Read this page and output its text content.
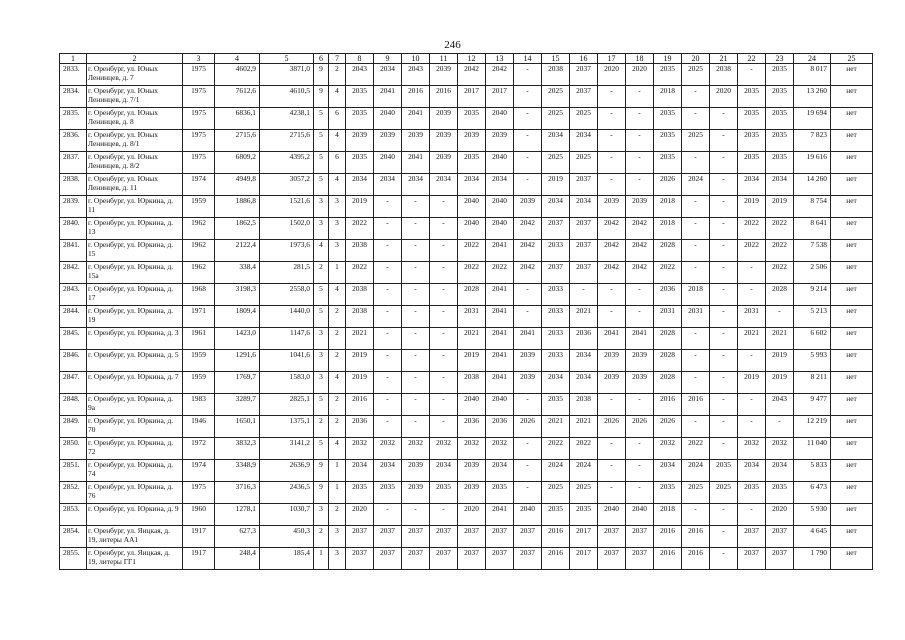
246
1	2	3	4	5	6	7	8	9	10	11	12	13	14	15	16	17	18	19	20	21	22	23	24	25
2833.	г. Оренбург, ул. Юных Ленинцев, д. 7	1975	4602,9	3871,0	9	2	2043	2034	2043	2039	2042	2042	-	2038	2037	2020	2020	2035	2025	2038	-	2035	8 017	нет
2834.	г. Оренбург, ул. Юных Ленинцев, д. 7/1	1975	7612,6	4610,5	9	4	2035	2041	2016	2016	2017	2017	-	2025	2037	-	-	2018	-	2020	2035	2035	13 260	нет
2835.	г. Оренбург, ул. Юных Ленинцев, д. 8	1975	6836,1	4238,1	5	6	2035	2040	2041	2039	2035	2040	-	2025	2025	-	-	2035	-	-	2035	2035	19 694	нет
2836.	г. Оренбург, ул. Юных Ленинцев, д. 8/1	1975	2715,6	2715,6	5	4	2039	2039	2039	2039	2039	2039	-	2034	2034	-	-	2035	2025	-	2035	2035	7 823	нет
2837.	г. Оренбург, ул. Юных Ленинцев, д. 8/2	1975	6809,2	4395,2	5	6	2035	2040	2041	2039	2035	2040	-	2025	2025	-	-	2035	-	-	2035	2035	19 616	нет
2838.	г. Оренбург, ул. Юных Ленинцев, д. 11	1974	4949,8	3057,2	5	4	2034	2034	2034	2034	2034	2034	-	2019	2037	-	-	2026	2024	-	2034	2034	14 260	нет
2839.	г. Оренбург, ул. Юркина, д. 11	1959	1886,8	1521,6	3	3	2019	-	-	-	2040	2040	2039	2034	2034	2039	2039	2018	-	-	2019	2019	8 754	нет
2840.	г. Оренбург, ул. Юркина, д. 13	1962	1862,5	1502,0	3	3	2022	-	-	-	2040	2040	2042	2037	2037	2042	2042	2018	-	-	2022	2022	8 641	нет
2841.	г. Оренбург, ул. Юркина, д. 15	1962	2122,4	1973,6	4	3	2038	-	-	-	2022	2041	2042	2033	2037	2042	2042	2028	-	-	2022	2022	7 538	нет
2842.	г. Оренбург, ул. Юркина, д. 15а	1962	338,4	281,5	2	1	2022	-	-	-	2022	2022	2042	2037	2037	2042	2042	2022	-	-	-	2022	2 506	нет
2843.	г. Оренбург, ул. Юркина, д. 17	1968	3198,3	2558,0	5	4	2038	-	-	-	2028	2041	-	2033	-	-	-	2036	2018	-	-	2028	9 214	нет
2844.	г. Оренбург, ул. Юркина, д. 19	1971	1809,4	1440,0	5	2	2038	-	-	-	2031	2041	-	2033	2021	-	-	2031	2031	-	2031	-	5 213	нет
2845.	г. Оренбург, ул. Юркина, д. 3	1961	1423,0	1147,6	3	2	2021	-	-	-	2021	2041	2041	2033	2036	2041	2041	2028	-	-	2021	2021	6 602	нет
2846.	г. Оренбург, ул. Юркина, д. 5	1959	1291,6	1041,6	3	2	2019	-	-	-	2019	2041	2039	2033	2034	2039	2039	2028	-	-	-	2019	5 993	нет
2847.	г. Оренбург, ул. Юркина, д. 7	1959	1769,7	1583,0	3	4	2019	-	-	-	2038	2041	2039	2034	2034	2039	2039	2028	-	-	2019	2019	8 211	нет
2848.	г. Оренбург, ул. Юркина, д. 9а	1983	3289,7	2825,1	5	2	2016	-	-	-	2040	2040	-	2035	2038	-	-	2016	2016	-	-	2043	9 477	нет
2849.	г. Оренбург, ул. Юркина, д. 70	1946	1650,1	1375,1	2	2	2036	-	-	-	2036	2036	2026	2021	2021	2026	2026	2026	-	-	-	-	12 219	нет
2850.	г. Оренбург, ул. Юркина, д. 72	1972	3832,3	3141,2	5	4	2032	2032	2032	2032	2032	2032	-	2022	2022	-	-	2032	2022	-	2032	2032	11 040	нет
2851.	г. Оренбург, ул. Юркина, д. 74	1974	3348,9	2636,9	9	1	2034	2034	2039	2034	2039	2034	-	2024	2024	-	-	2034	2024	2035	2034	2034	5 833	нет
2852.	г. Оренбург, ул. Юркина, д. 76	1975	3716,3	2436,5	9	1	2035	2035	2039	2035	2039	2035	-	2025	2025	-	-	2035	2025	2025	2035	2035	6 473	нет
2853.	г. Оренбург, ул. Юркина, д. 9	1960	1278,1	1030,7	3	2	2020	-	-	-	2020	2041	2040	2035	2035	2040	2040	2018	-	-	-	2020	5 930	нет
2854.	г. Оренбург, ул. Яицкая, д. 19, литеры АА1	1917	627,3	450,3	2	3	2037	2037	2037	2037	2037	2037	2037	2016	2017	2037	2037	2016	2016	-	2037	2037	4 645	нет
2855.	г. Оренбург, ул. Яицкая, д. 19, литеры ГГ1	1917	248,4	185,4	1	3	2037	2037	2037	2037	2037	2037	2037	2016	2017	2037	2037	2016	2016	-	2037	2037	1 790	нет
